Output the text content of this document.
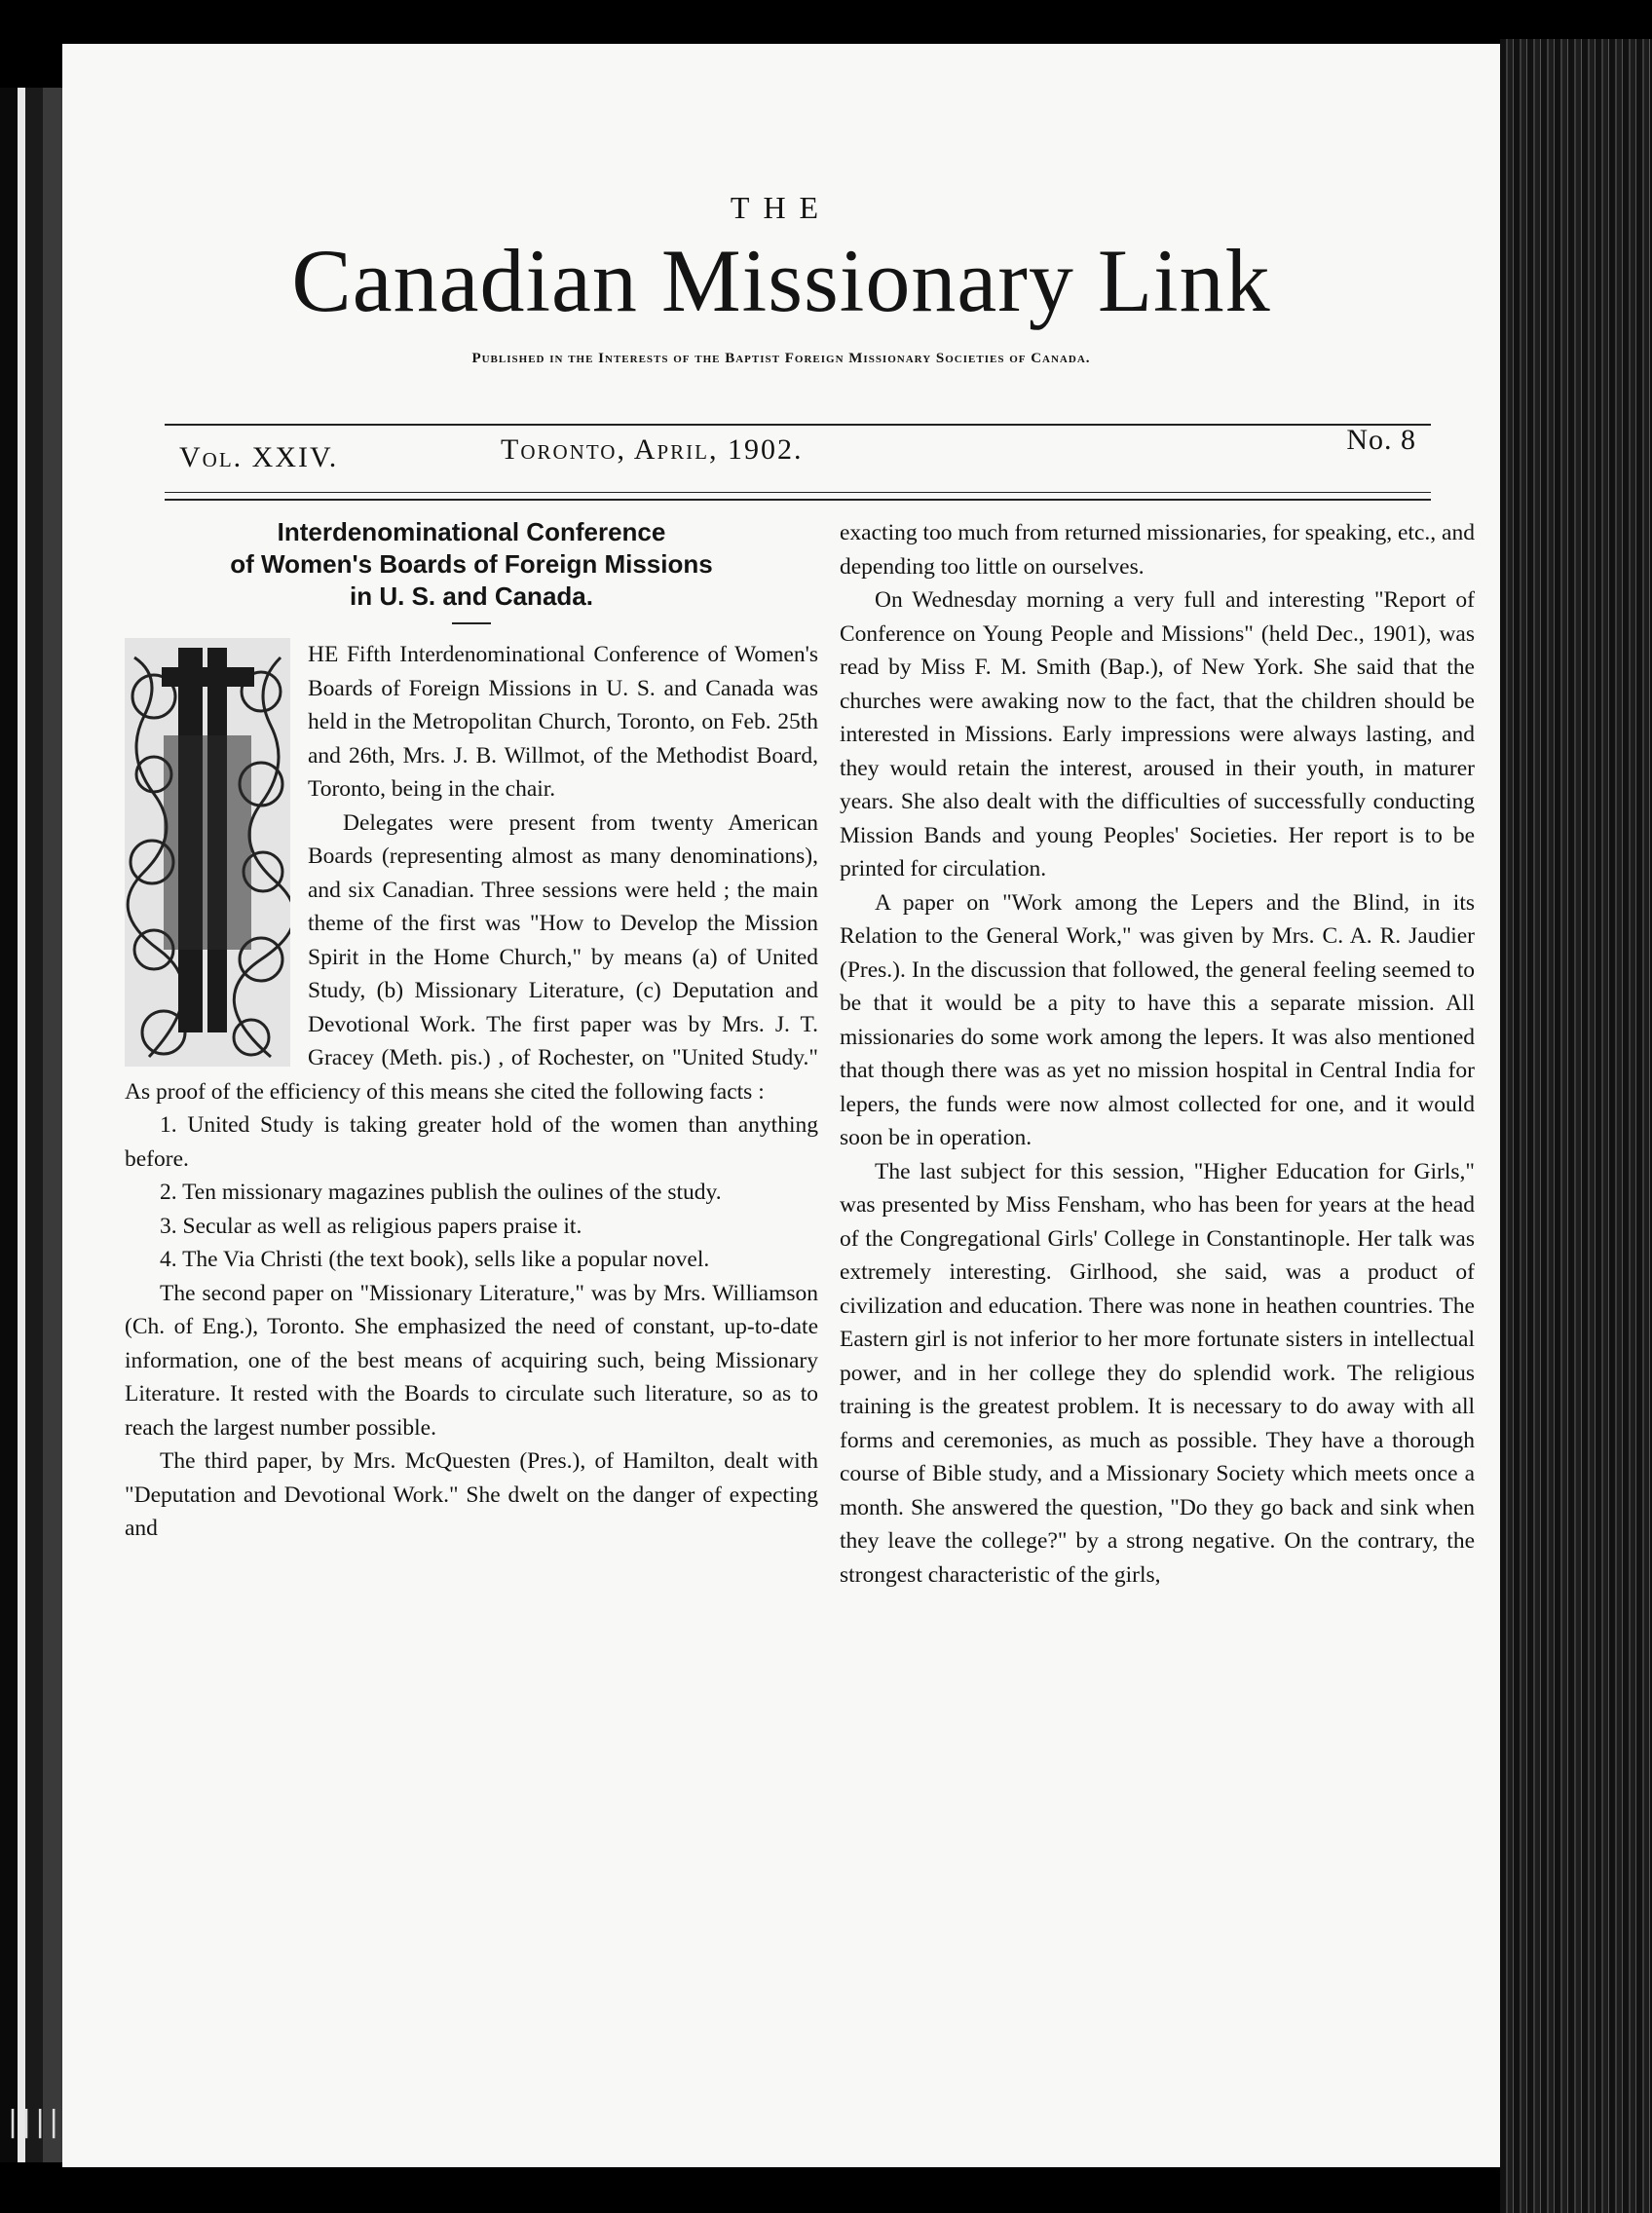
||||
THE
Canadian Missionary Link
Published in the Interests of the Baptist Foreign Missionary Societies of Canada.
Vol. XXIV.	Toronto, April, 1902.	No. 8
Interdenominational Conference
of Women's Boards of Foreign Missions
in U. S. and Canada.

HE Fifth Interdenominational Conference of Women's Boards of Foreign Missions in U. S. and Canada was held in the Metropolitan Church, Toronto, on Feb. 25th and 26th, Mrs. J. B. Willmot, of the Methodist Board, Toronto, being in the chair.

Delegates were present from twenty American Boards (representing almost as many denominations), and six Canadian. Three sessions were held ; the main theme of the first was "How to Develop the Mission Spirit in the Home Church," by means (a) of United Study, (b) Missionary Literature, (c) Deputation and Devotional Work. The first paper was by Mrs. J. T. Gracey (Meth. pis.) , of Rochester, on "United Study." As proof of the efficiency of this means she cited the following facts :

1. United Study is taking greater hold of the women than anything before.

2. Ten missionary magazines publish the oulines of the study.

3. Secular as well as religious papers praise it.

4. The Via Christi (the text book), sells like a popular novel.

The second paper on "Missionary Literature," was by Mrs. Williamson (Ch. of Eng.), Toronto. She emphasized the need of constant, up-to-date information, one of the best means of acquiring such, being Missionary Literature. It rested with the Boards to circulate such literature, so as to reach the largest number possible.

The third paper, by Mrs. McQuesten (Pres.), of Hamilton, dealt with "Deputation and Devotional Work." She dwelt on the danger of expecting and

exacting too much from returned missionaries, for speaking, etc., and depending too little on ourselves.

On Wednesday morning a very full and interesting "Report of Conference on Young People and Missions" (held Dec., 1901), was read by Miss F. M. Smith (Bap.), of New York. She said that the churches were awaking now to the fact, that the children should be interested in Missions. Early impressions were always lasting, and they would retain the interest, aroused in their youth, in maturer years. She also dealt with the difficulties of successfully conducting Mission Bands and young Peoples' Societies. Her report is to be printed for circulation.

A paper on "Work among the Lepers and the Blind, in its Relation to the General Work," was given by Mrs. C. A. R. Jaudier (Pres.). In the discussion that followed, the general feeling seemed to be that it would be a pity to have this a separate mission. All missionaries do some work among the lepers. It was also mentioned that though there was as yet no mission hospital in Central India for lepers, the funds were now almost collected for one, and it would soon be in operation.

The last subject for this session, "Higher Education for Girls," was presented by Miss Fensham, who has been for years at the head of the Congregational Girls' College in Constantinople. Her talk was extremely interesting. Girlhood, she said, was a product of civilization and education. There was none in heathen countries. The Eastern girl is not inferior to her more fortunate sisters in intellectual power, and in her college they do splendid work. The religious training is the greatest problem. It is necessary to do away with all forms and ceremonies, as much as possible. They have a thorough course of Bible study, and a Missionary Society which meets once a month. She answered the question, "Do they go back and sink when they leave the college?" by a strong negative. On the contrary, the strongest characteristic of the girls,
